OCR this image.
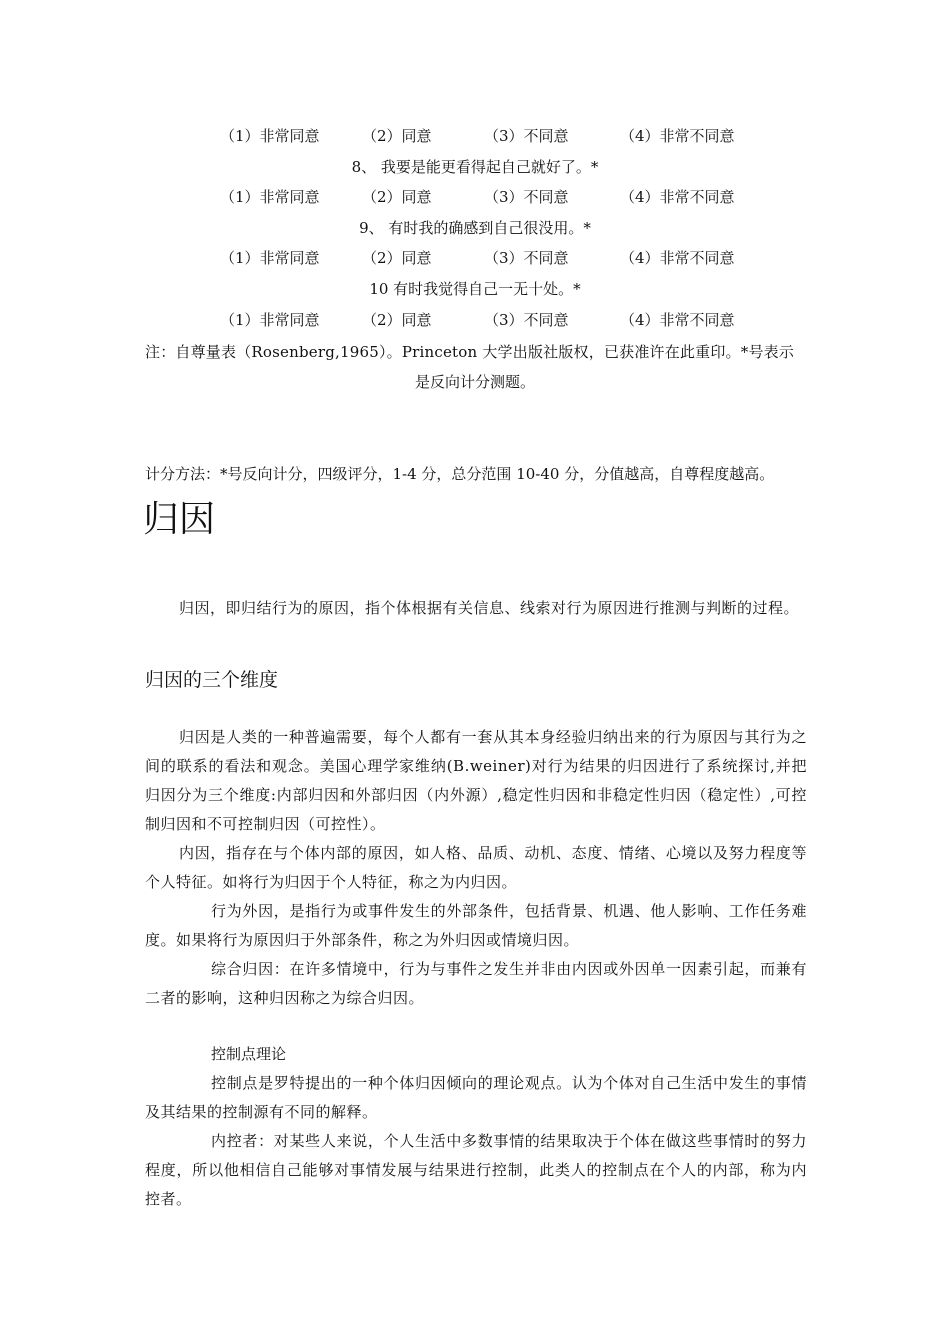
（1）非常同意	（2）同意	（3）不同意	（4）非常不同意
8、 我要是能更看得起自己就好了。*
（1）非常同意	（2）同意	（3）不同意	（4）非常不同意
9、 有时我的确感到自己很没用。*
（1）非常同意	（2）同意	（3）不同意	（4）非常不同意
10 有时我觉得自己一无十处。*
（1）非常同意	（2）同意	（3）不同意	（4）非常不同意
注：自尊量表（Rosenberg,1965）。Princeton 大学出版社版权，已获准许在此重印。*号表示
是反向计分测题。
计分方法：*号反向计分，四级评分，1-4 分，总分范围 10-40 分，分值越高，自尊程度越高。
归因

归因，即归结行为的原因，指个体根据有关信息、线索对行为原因进行推测与判断的过程。

归因的三个维度

归因是人类的一种普遍需要，每个人都有一套从其本身经验归纳出来的行为原因与其行为之间的联系的看法和观念。美国心理学家维纳(B.weiner)对行为结果的归因进行了系统探讨,并把归因分为三个维度:内部归因和外部归因（内外源）,稳定性归因和非稳定性归因（稳定性）,可控制归因和不可控制归因（可控性）。

内因，指存在与个体内部的原因，如人格、品质、动机、态度、情绪、心境以及努力程度等个人特征。如将行为归因于个人特征，称之为内归因。

行为外因，是指行为或事件发生的外部条件，包括背景、机遇、他人影响、工作任务难度。如果将行为原因归于外部条件，称之为外归因或情境归因。

综合归因：在许多情境中，行为与事件之发生并非由内因或外因单一因素引起，而兼有二者的影响，这种归因称之为综合归因。

控制点理论

控制点是罗特提出的一种个体归因倾向的理论观点。认为个体对自己生活中发生的事情及其结果的控制源有不同的解释。

内控者：对某些人来说，个人生活中多数事情的结果取决于个体在做这些事情时的努力程度，所以他相信自己能够对事情发展与结果进行控制，此类人的控制点在个人的内部，称为内控者。
